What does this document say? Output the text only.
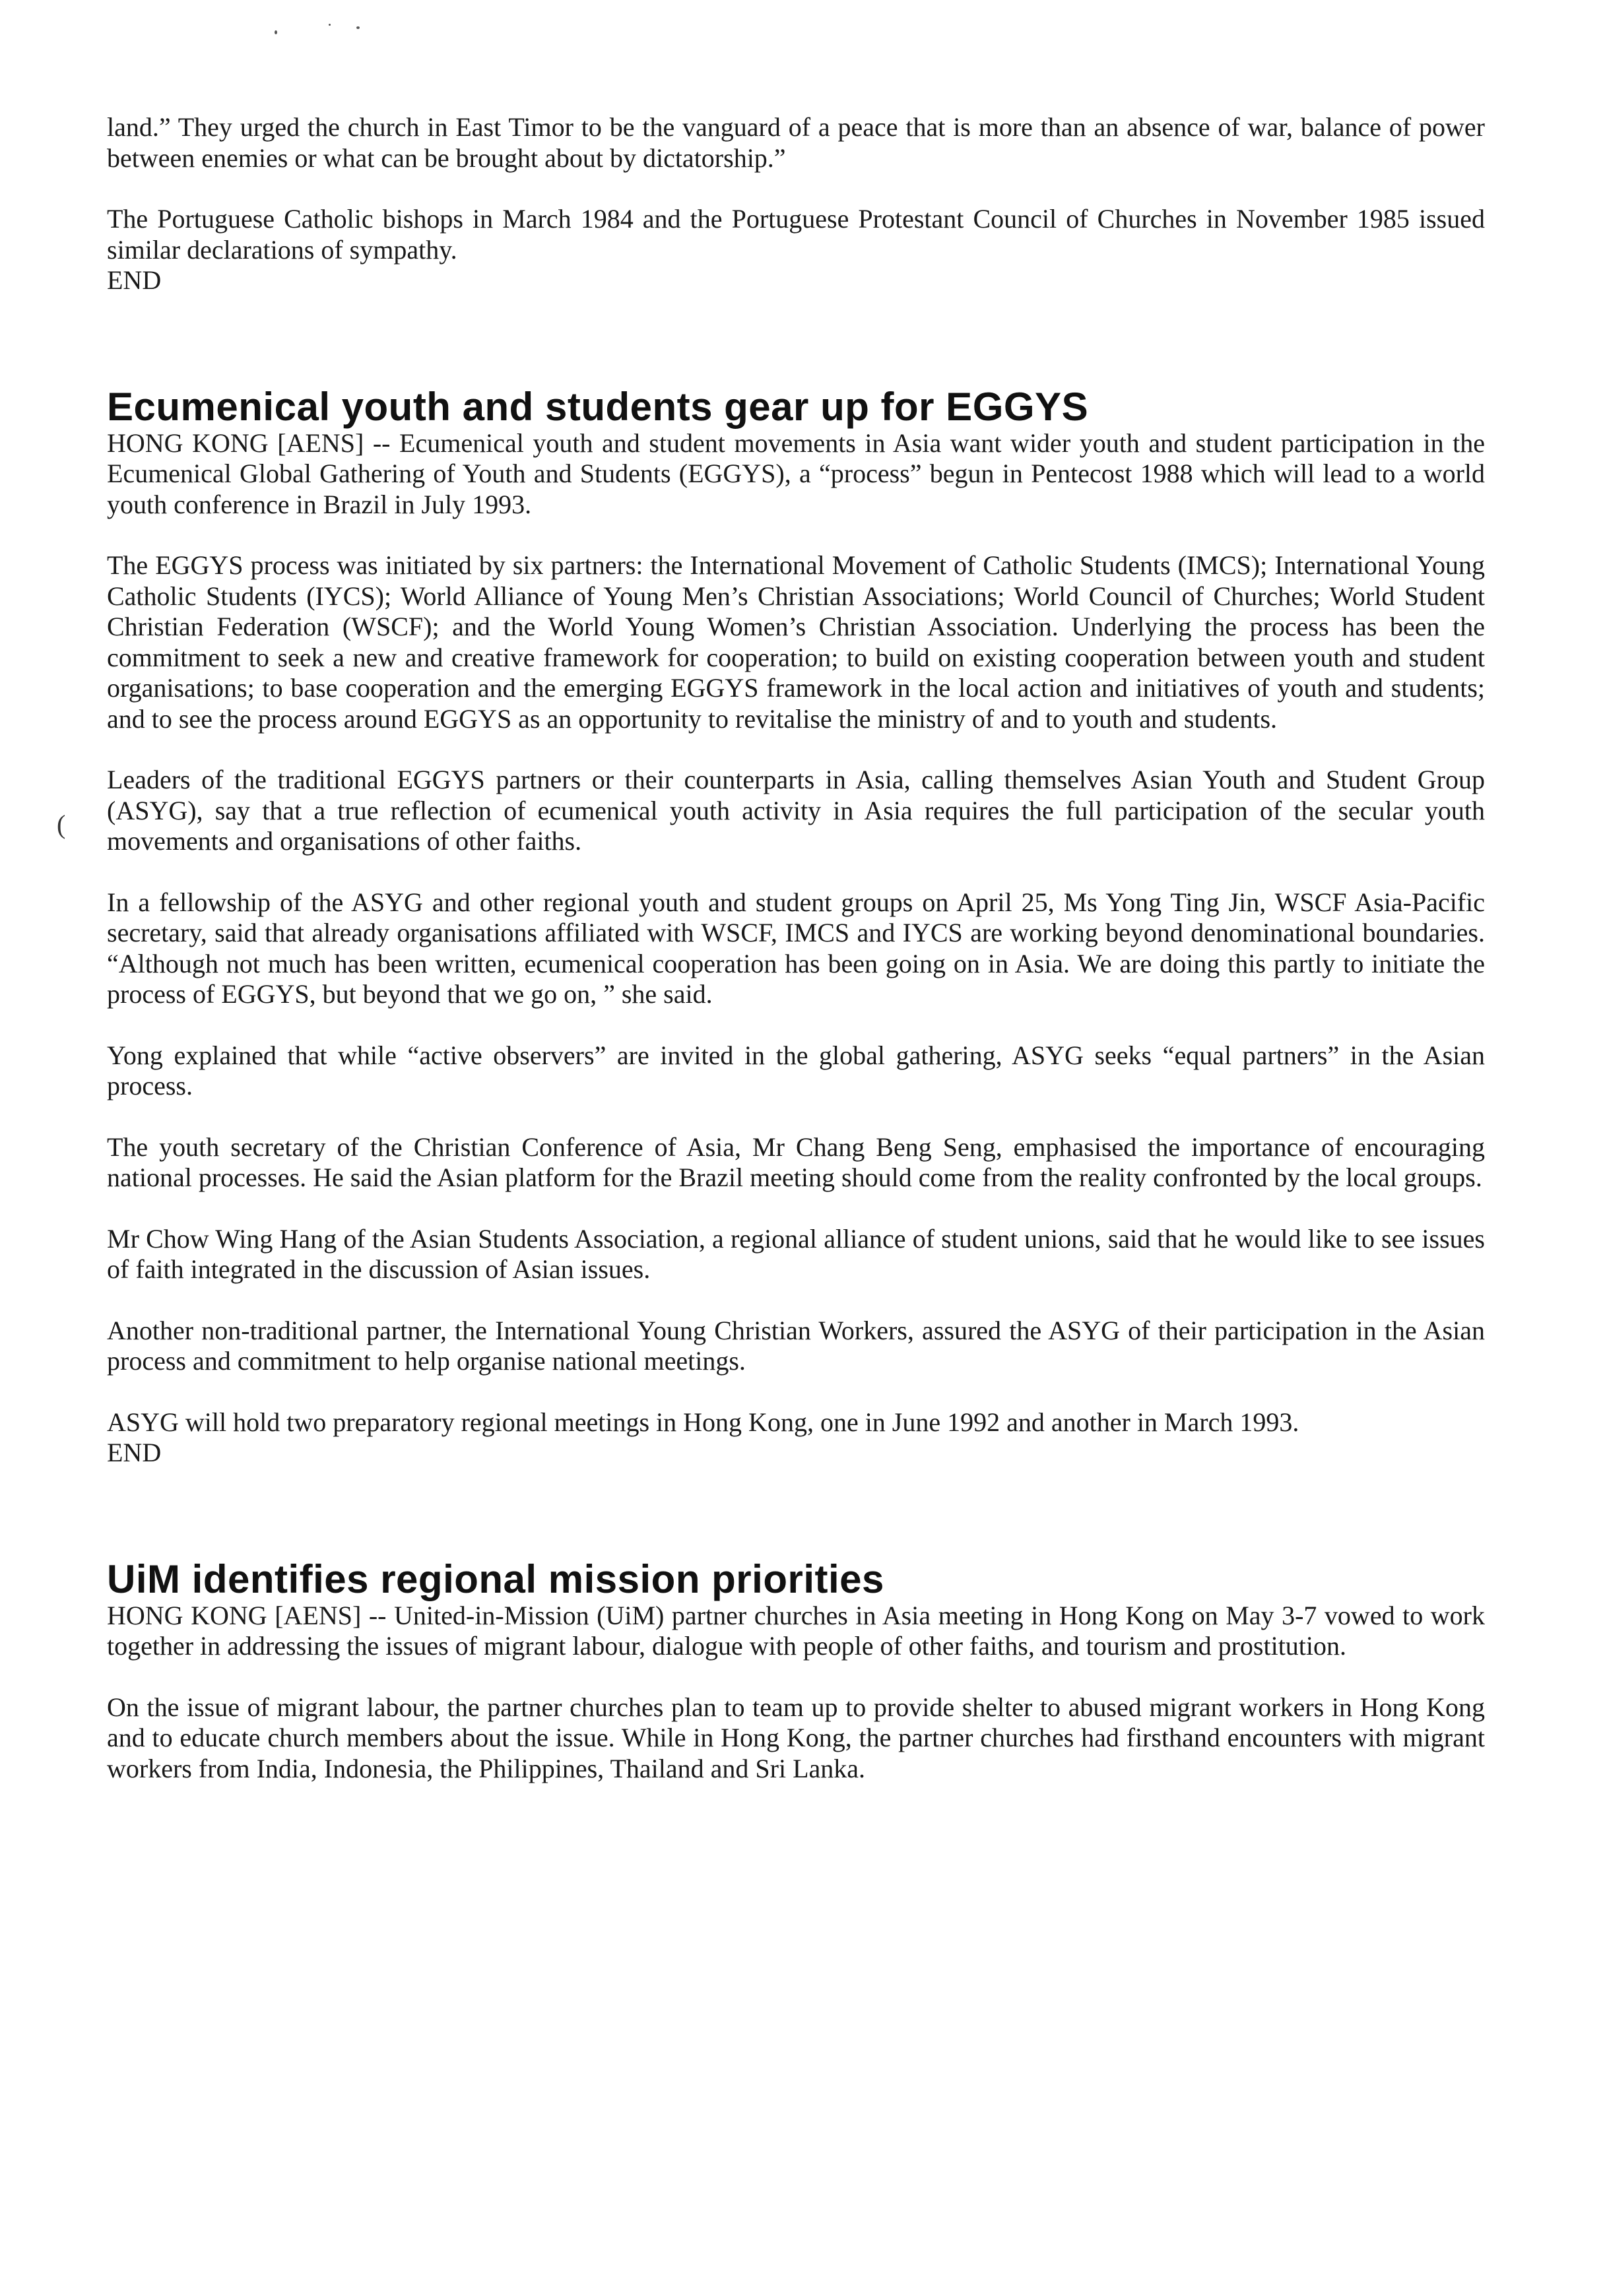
(

land.” They urged the church in East Timor to be the vanguard of a peace that is more than an absence of war, balance of power between enemies or what can be brought about by dictatorship.”

The Portuguese Catholic bishops in March 1984 and the Portuguese Protestant Council of Churches in November 1985 issued similar declarations of sympathy.

END

Ecumenical youth and students gear up for EGGYS

HONG KONG [AENS] -- Ecumenical youth and student movements in Asia want wider youth and student participation in the Ecumenical Global Gathering of Youth and Students (EGGYS), a “process” begun in Pentecost 1988 which will lead to a world youth conference in Brazil in July 1993.

The EGGYS process was initiated by six partners: the International Movement of Catholic Students (IMCS); International Young Catholic Students (IYCS); World Alliance of Young Men’s Christian Associations; World Council of Churches; World Student Christian Federation (WSCF); and the World Young Women’s Christian Association. Underlying the process has been the commitment to seek a new and creative framework for cooperation; to build on existing cooperation between youth and student organisations; to base cooperation and the emerging EGGYS framework in the local action and initiatives of youth and students; and to see the process around EGGYS as an opportunity to revitalise the ministry of and to youth and students.

Leaders of the traditional EGGYS partners or their counterparts in Asia, calling themselves Asian Youth and Student Group (ASYG), say that a true reflection of ecumenical youth activity in Asia requires the full participation of the secular youth movements and organisations of other faiths.

In a fellowship of the ASYG and other regional youth and student groups on April 25, Ms Yong Ting Jin, WSCF Asia-Pacific secretary, said that already organisations affiliated with WSCF, IMCS and IYCS are working beyond denominational boundaries. “Although not much has been written, ecumenical cooperation has been going on in Asia. We are doing this partly to initiate the process of EGGYS, but beyond that we go on, ” she said.

Yong explained that while “active observers” are invited in the global gathering, ASYG seeks “equal partners” in the Asian process.

The youth secretary of the Christian Conference of Asia, Mr Chang Beng Seng, emphasised the importance of encouraging national processes. He said the Asian platform for the Brazil meeting should come from the reality confronted by the local groups.

Mr Chow Wing Hang of the Asian Students Association, a regional alliance of student unions, said that he would like to see issues of faith integrated in the discussion of Asian issues.

Another non-traditional partner, the International Young Christian Workers, assured the ASYG of their participation in the Asian process and commitment to help organise national meetings.

ASYG will hold two preparatory regional meetings in Hong Kong, one in June 1992 and another in March 1993.

END

UiM identifies regional mission priorities

HONG KONG [AENS] -- United-in-Mission (UiM) partner churches in Asia meeting in Hong Kong on May 3-7 vowed to work together in addressing the issues of migrant labour, dialogue with people of other faiths, and tourism and prostitution.

On the issue of migrant labour, the partner churches plan to team up to provide shelter to abused migrant workers in Hong Kong and to educate church members about the issue. While in Hong Kong, the partner churches had firsthand encounters with migrant workers from India, Indonesia, the Philippines, Thailand and Sri Lanka.
